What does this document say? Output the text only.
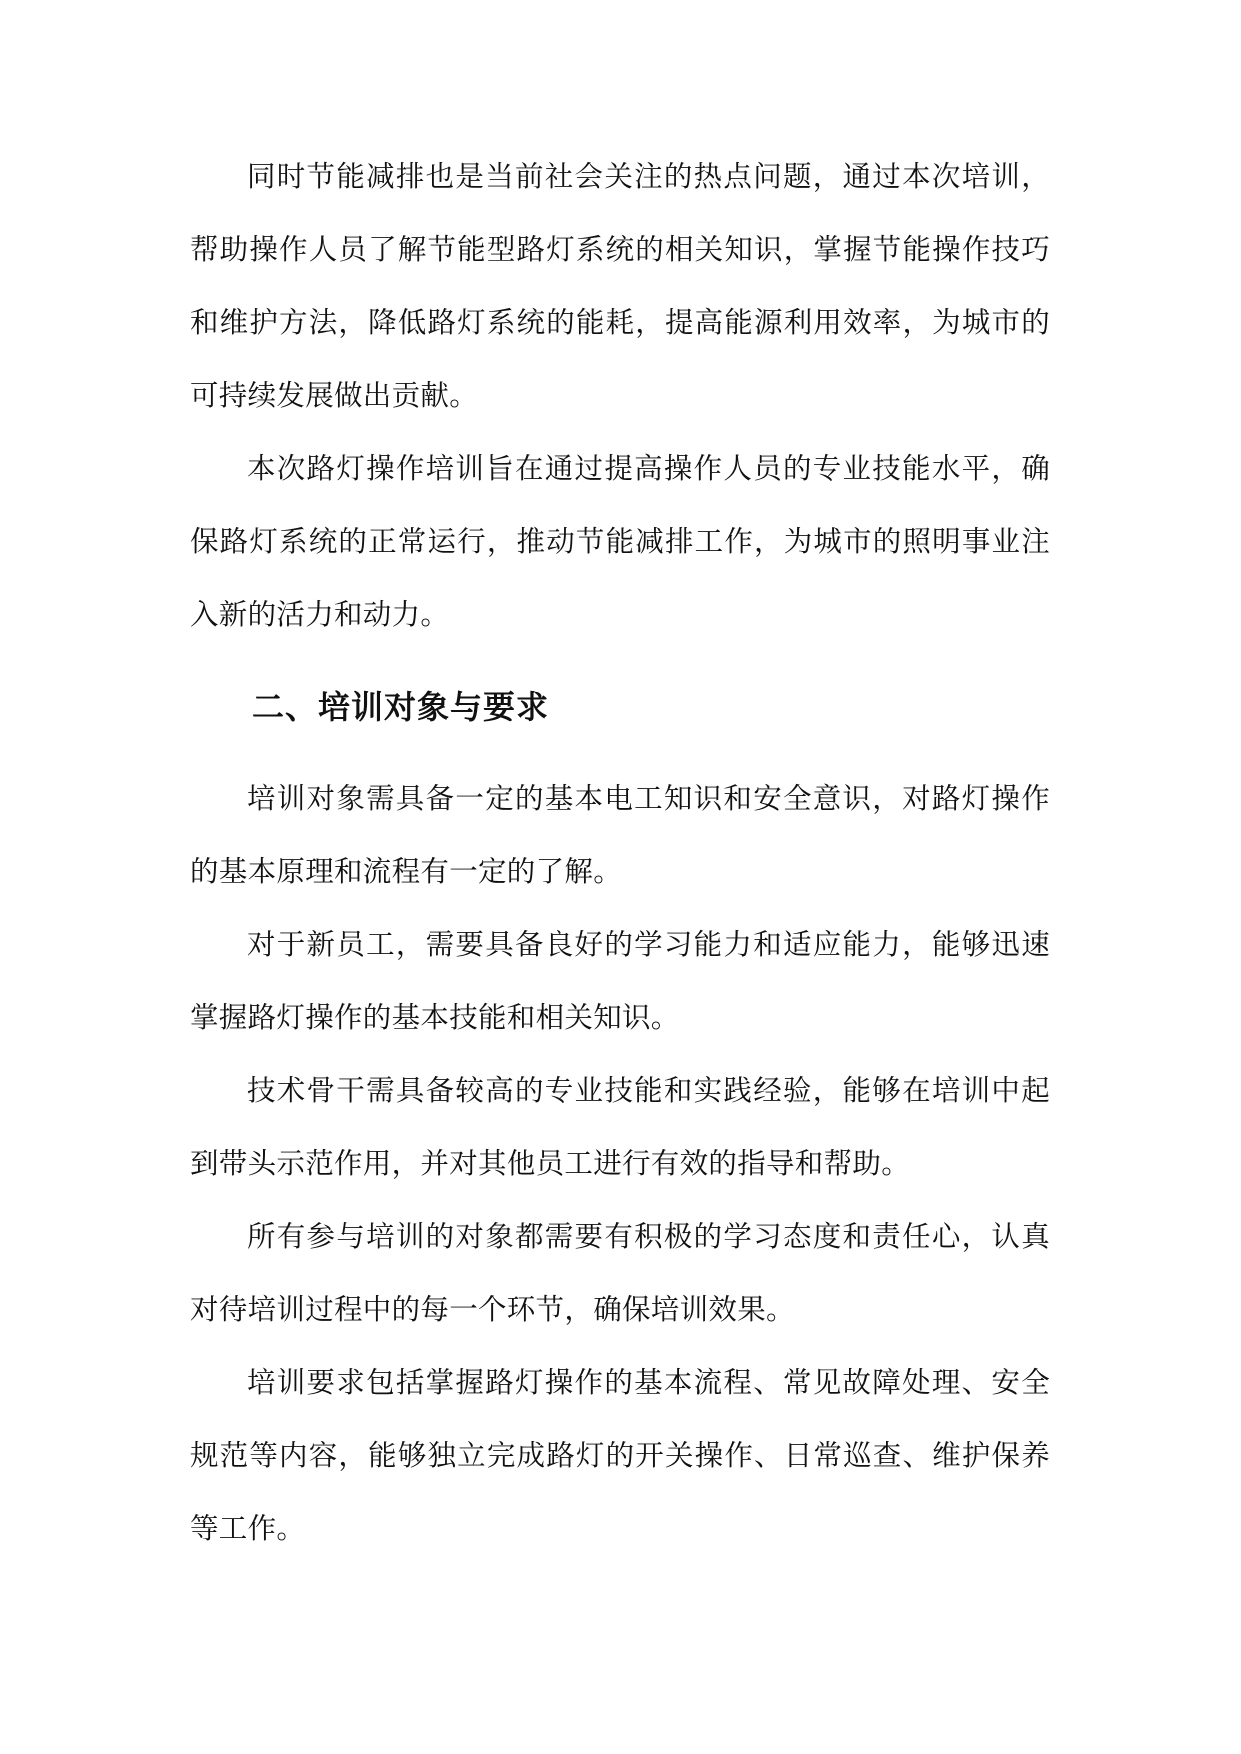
同时节能减排也是当前社会关注的热点问题，通过本次培训，帮助操作人员了解节能型路灯系统的相关知识，掌握节能操作技巧和维护方法，降低路灯系统的能耗，提高能源利用效率，为城市的可持续发展做出贡献。

本次路灯操作培训旨在通过提高操作人员的专业技能水平，确保路灯系统的正常运行，推动节能减排工作，为城市的照明事业注入新的活力和动力。

二、培训对象与要求

培训对象需具备一定的基本电工知识和安全意识，对路灯操作的基本原理和流程有一定的了解。

对于新员工，需要具备良好的学习能力和适应能力，能够迅速掌握路灯操作的基本技能和相关知识。

技术骨干需具备较高的专业技能和实践经验，能够在培训中起到带头示范作用，并对其他员工进行有效的指导和帮助。

所有参与培训的对象都需要有积极的学习态度和责任心，认真对待培训过程中的每一个环节，确保培训效果。

培训要求包括掌握路灯操作的基本流程、常见故障处理、安全规范等内容，能够独立完成路灯的开关操作、日常巡查、维护保养等工作。
